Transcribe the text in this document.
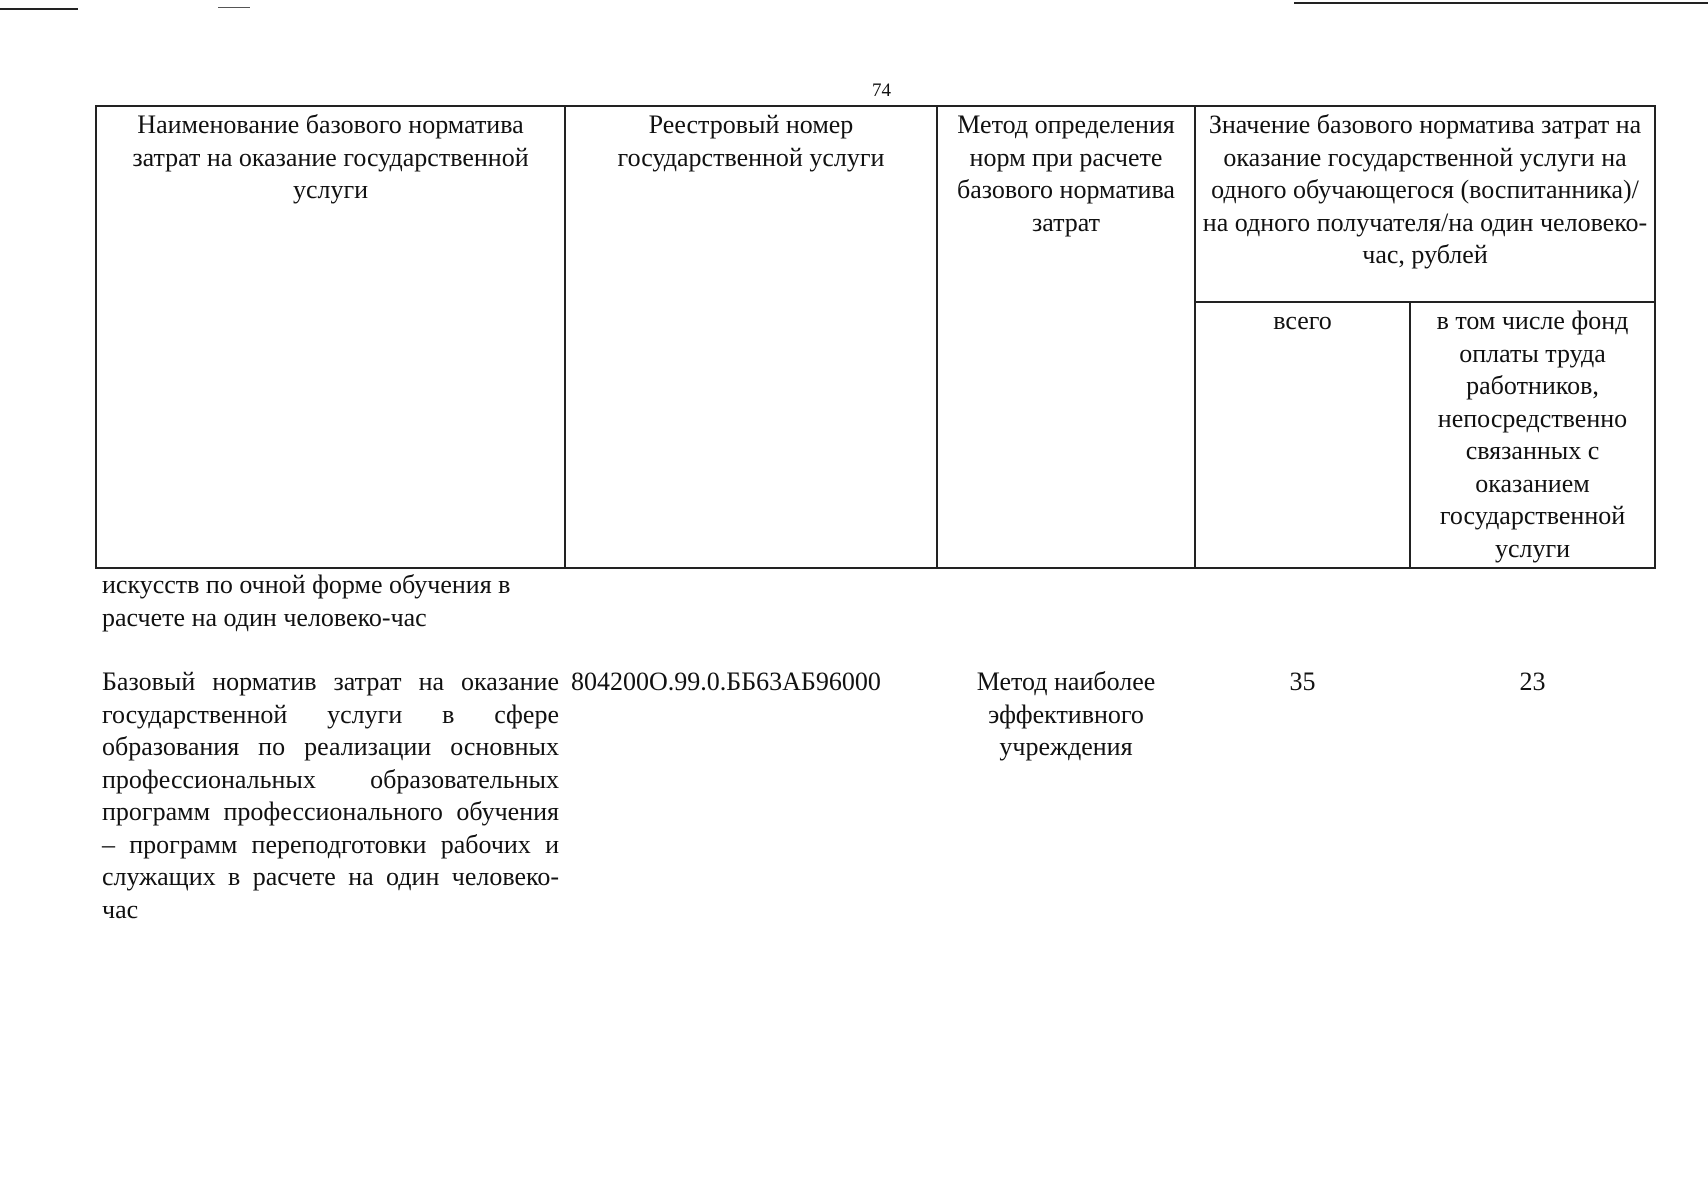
74
Наименование базового норматива затрат на оказание государственной услуги	Реестровый номер государственной услуги	Метод определения норм при расчете базового норматива затрат	Значение базового норматива затрат на оказание государственной услуги на одного обучающегося (воспитанника)/на одного получателя/на один человеко-час, рублей	
			всего	в том числе фонд оплаты труда работников, непосредственно связанных с оказанием государственной услуги
искусств по очной форме обучения в расчете на один человеко-час				

Базовый норматив затрат на оказание государственной услуги в сфере образования по реализации основных профессиональных образовательных программ профессионального обучения – программ переподготовки рабочих и служащих в расчете на один человеко-час	804200О.99.0.ББ63АБ96000	Метод наиболее эффективного учреждения	35	23
